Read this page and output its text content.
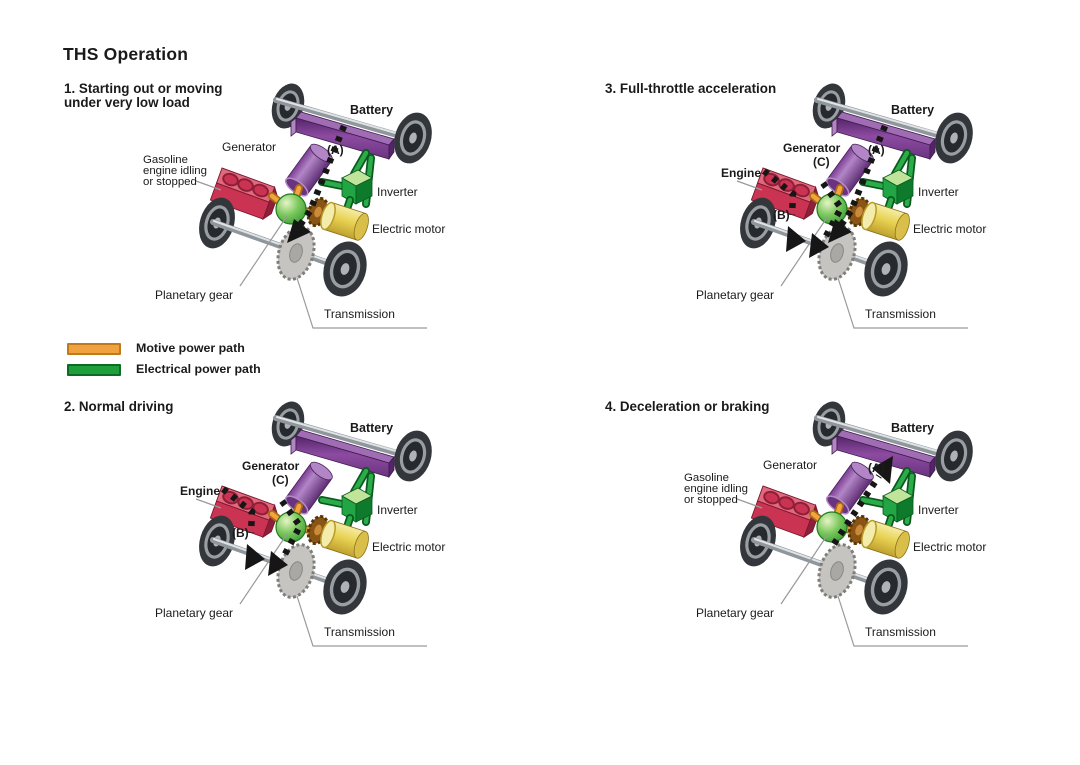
THS Operation
1. Starting out or moving
under very low load	Battery
Generator	(A)
Gasoline
engine idling
or stopped
Inverter
Electric motor
Planetary gear
Transmission
3. Full-throttle acceleration
Battery
Generator
(C)
(A)
Engine
(B)
Inverter
Electric motor
Planetary gear
Transmission
2. Normal driving
Battery
Generator
(C)
Engine
(B)
Inverter
Electric motor
Planetary gear
Transmission
4. Deceleration or braking
Battery
Generator	(A)
Gasoline
engine idling
or stopped
Inverter
Electric motor
Planetary gear
Transmission
Motive power path
Electrical power path
